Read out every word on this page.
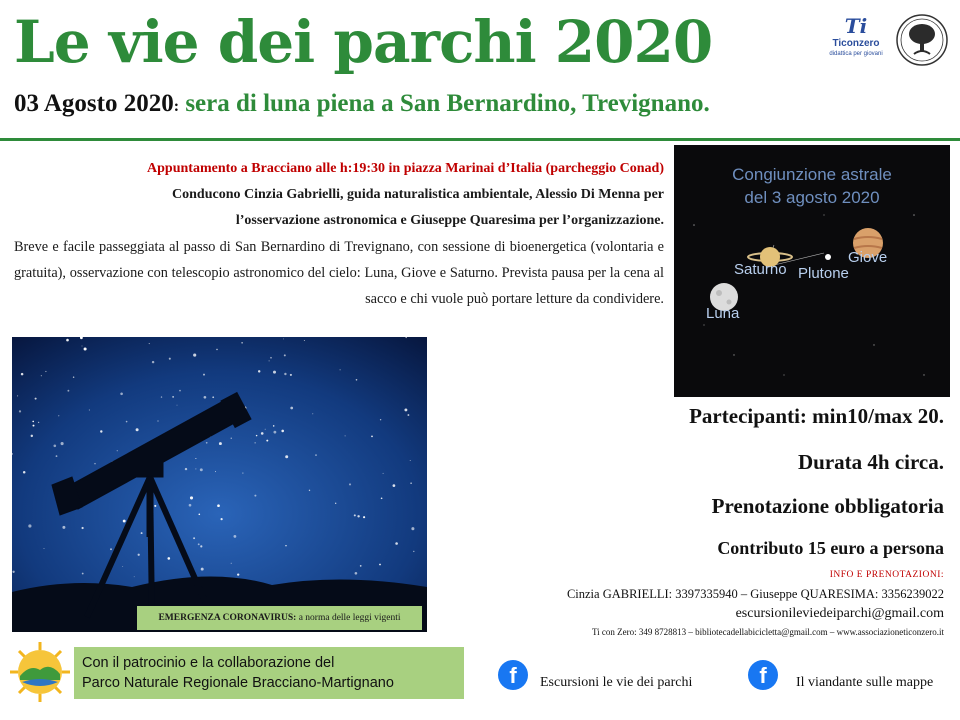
Le vie dei parchi 2020	Ti
Ticonzero
didattica per giovani
03 Agosto 2020: sera di luna piena a San Bernardino, Trevignano.
Appuntamento a Bracciano alle h:19:30 in piazza Marinai d’Italia (parcheggio Conad)
Conducono Cinzia Gabrielli, guida naturalistica ambientale, Alessio Di Menna per
l’osservazione astronomica e Giuseppe Quaresima per l’organizzazione.
Breve e facile passeggiata al passo di San Bernardino di Trevignano, con sessione di bioenergetica (volontaria e gratuita), osservazione con telescopio astronomico del cielo: Luna, Giove e Saturno. Prevista pausa per la cena al sacco e chi vuole può portare letture da condividere.
Congiunzione astrale
del 3 agosto 2020
Saturno Plutone
Giove
Luna
EMERGENZA CORONAVIRUS: a norma delle leggi vigenti
Partecipanti: min10/max 20.
Durata 4h circa.
Prenotazione obbligatoria
Contributo 15 euro a persona
INFO E PRENOTAZIONI:
Cinzia GABRIELLI: 3397335940 – Giuseppe QUARESIMA: 3356239022
escursionileviedeiparchi@gmail.com
Ti con Zero: 349 8728813 – bibliotecadellabicicletta@gmail.com – www.associazioneticonzero.it
Con il patrocinio e la collaborazione del
Parco Naturale Regionale Bracciano-Martignano	f	Escursioni le vie dei parchi	f	Il viandante sulle mappe
